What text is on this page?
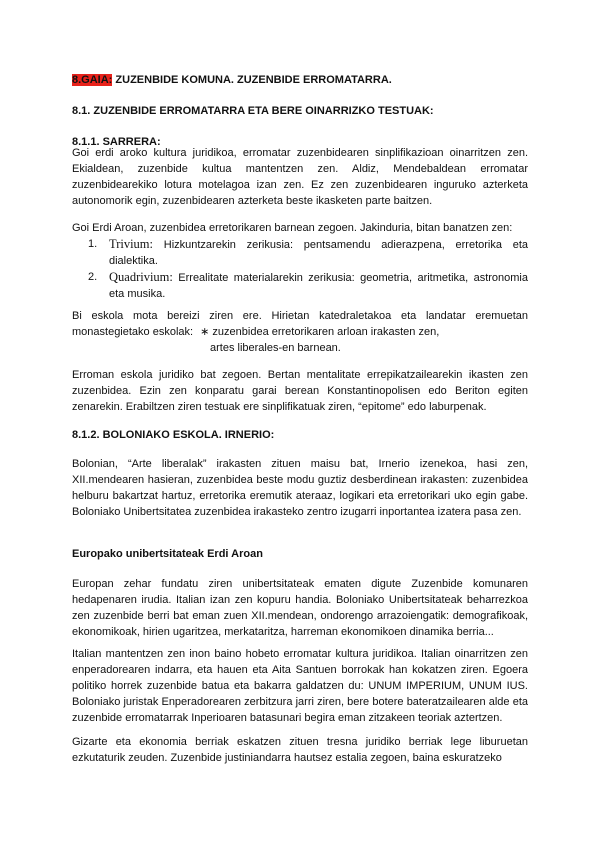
8.GAIA: ZUZENBIDE KOMUNA. ZUZENBIDE ERROMATARRA.
8.1. ZUZENBIDE ERROMATARRA ETA BERE OINARRIZKO TESTUAK:
8.1.1. SARRERA:
Goi erdi aroko kultura juridikoa, erromatar zuzenbidearen sinplifikazioan oinarritzen zen. Ekialdean, zuzenbide kultua mantentzen zen. Aldiz, Mendebaldean erromatar zuzenbidearekiko lotura motelagoa izan zen. Ez zen zuzenbidearen inguruko azterketa autonomorik egin, zuzenbidearen azterketa beste ikasketen parte baitzen.
Goi Erdi Aroan, zuzenbidea erretorikaren barnean zegoen. Jakinduria, bitan banatzen zen:
1. Trivium: Hizkuntzarekin zerikusia: pentsamendu adierazpena, erretorika eta dialektika.
2. Quadrivium: Errealitate materialarekin zerikusia: geometria, aritmetika, astronomia eta musika.
Bi eskola mota bereizi ziren ere. Hirietan katedraletakoa eta landatar eremuetan
monastegietako eskolak: ∗ zuzenbidea erretorikaren arloan irakasten zen,
artes liberales-en barnean.
Erroman eskola juridiko bat zegoen. Bertan mentalitate errepikatzailearekin ikasten zen zuzenbidea. Ezin zen konparatu garai berean Konstantinopolisen edo Beriton egiten zenarekin. Erabiltzen ziren testuak ere sinplifikatuak ziren, “epitome” edo laburpenak.
8.1.2. BOLONIAKO ESKOLA. IRNERIO:
Bolonian, “Arte liberalak” irakasten zituen maisu bat, Irnerio izenekoa, hasi zen, XII.mendearen hasieran, zuzenbidea beste modu guztiz desberdinean irakasten: zuzenbidea helburu bakartzat hartuz, erretorika eremutik ateraaz, logikari eta erretorikari uko egin gabe. Boloniako Unibertsitatea zuzenbidea irakasteko zentro izugarri inportantea izatera pasa zen.
Europako unibertsitateak Erdi Aroan
Europan zehar fundatu ziren unibertsitateak ematen digute Zuzenbide komunaren hedapenaren irudia. Italian izan zen kopuru handia. Boloniako Unibertsitateak beharrezkoa zen zuzenbide berri bat eman zuen XII.mendean, ondorengo arrazoiengatik: demografikoak, ekonomikoak, hirien ugaritzea, merkataritza, harreman ekonomikoen dinamika berria...
Italian mantentzen zen inon baino hobeto erromatar kultura juridikoa. Italian oinarritzen zen enperadorearen indarra, eta hauen eta Aita Santuen borrokak han kokatzen ziren. Egoera politiko horrek zuzenbide batua eta bakarra galdatzen du: UNUM IMPERIUM, UNUM IUS. Boloniako juristak Enperadorearen zerbitzura jarri ziren, bere botere bateratzailearen alde eta zuzenbide erromatarrak Inperioaren batasunari begira eman zitzakeen teoriak aztertzen.
Gizarte eta ekonomia berriak eskatzen zituen tresna juridiko berriak lege liburuetan ezkutaturik zeuden. Zuzenbide justiniandarra hautsez estalia zegoen, baina eskuratzeko
